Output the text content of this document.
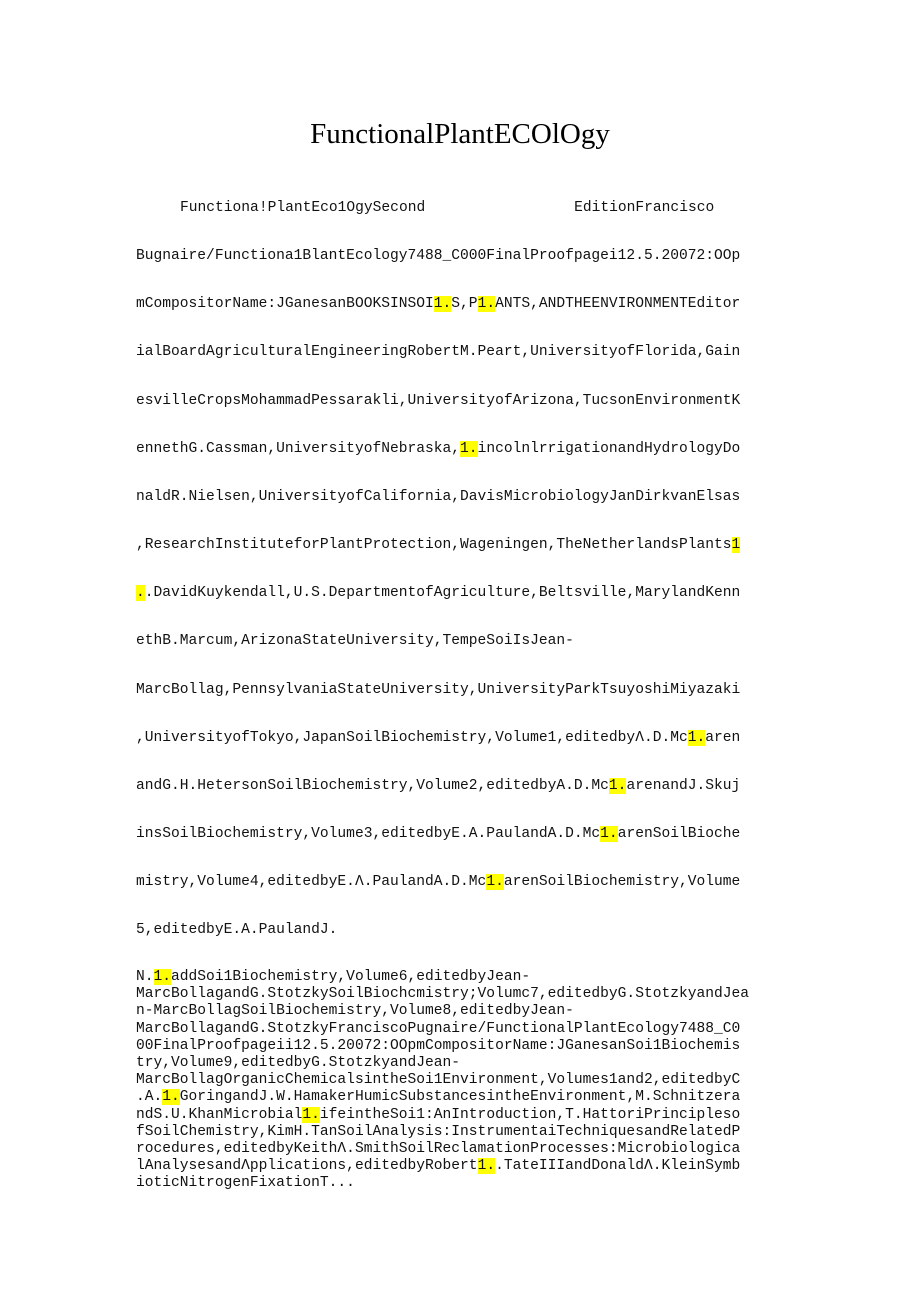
FunctionalPlantECOlOgy
Functiona!PlantEco1OgySecond                 EditionFrancisco
Bugnaire/Functiona1BlantEcology7488_C000FinalProofpagei12.5.20072:OOp
mCompositorName:JGanesanBOOKSINSOI1.S,P1.ANTS,ANDTHEENVIRONMENTEditor
ialBoardAgriculturalEngineeringRobertM.Peart,UniversityofFlorida,Gain
esvilleCropsMohammadPessarakli,UniversityofArizona,TucsonEnvironmentK
ennethG.Cassman,UniversityofNebraska,1.incolnlrrigationandHydrologyDo
naldR.Nielsen,UniversityofCalifornia,DavisMicrobiologyJanDirkvanElsas
,ResearchInstituteforPlantProtection,Wageningen,TheNetherlandsPlants1
..DavidKuykendall,U.S.DepartmentofAgriculture,Beltsville,MarylandKenn
ethB.Marcum,ArizonaStateUniversity,TempeSoiIsJean-
MarcBollag,PennsylvaniaStateUniversity,UniversityParkTsuyoshiMiyazaki
,UniversityofTokyo,JapanSoilBiochemistry,Volume1,editedbyΛ.D.Mc1.aren
andG.H.HetersonSoilBiochemistry,Volume2,editedbyA.D.Mc1.arenandJ.Skuj
insSoilBiochemistry,Volume3,editedbyE.A.PaulandA.D.Mc1.arenSoilBioche
mistry,Volume4,editedbyE.Λ.PaulandA.D.Mc1.arenSoilBiochemistry,Volume
5,editedbyE.A.PaulandJ.
N.1.addSoi1Biochemistry,Volume6,editedbyJean-
MarcBollagandG.StotzkySoilBiochcmistry;Volumc7,editedbyG.StotzkyandJea
n-MarcBollagSoilBiochemistry,Volume8,editedbyJean-
MarcBollagandG.StotzkyFranciscoPugnaire/FunctionalPlantEcology7488_C0
00FinalProofpageii12.5.20072:OOpmCompositorName:JGanesanSoi1Biochemis
try,Volume9,editedbyG.StotzkyandJean-
MarcBollagOrganicChemicalsintheSoi1Environment,Volumes1and2,editedbyC
.A.1.GoringandJ.W.HamakerHumicSubstancesintheEnvironment,M.Schnitzera
ndS.U.KhanMicrobial1.ifeintheSoi1:AnIntroduction,T.HattoriPrincipleso
fSoilChemistry,KimH.TanSoilAnalysis:InstrumentaiTechniquesandRelatedP
rocedures,editedbyKeithΛ.SmithSoilReclamationProcesses:Microbiologica
lAnalysesandΛpplications,editedbyRobert1..TateIIIandDonaldΛ.KleinSymb
ioticNitrogenFixationT...
